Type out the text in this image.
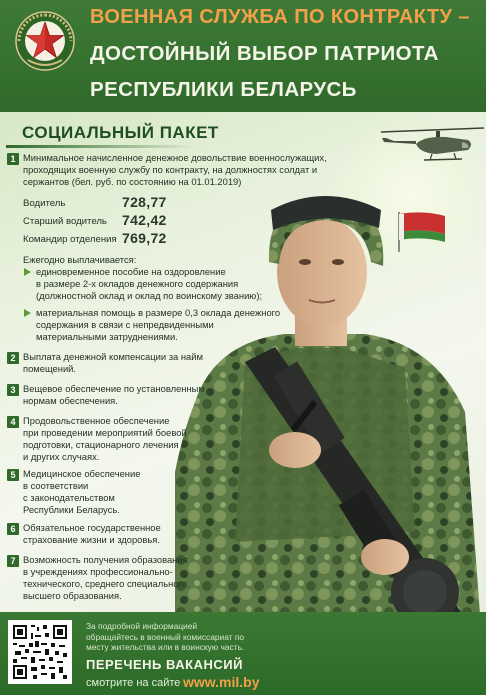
ВОЕННАЯ СЛУЖБА ПО КОНТРАКТУ –
ДОСТОЙНЫЙ ВЫБОР ПАТРИОТА
РЕСПУБЛИКИ БЕЛАРУСЬ
СОЦИАЛЬНЫЙ ПАКЕТ
1 Минимальное начисленное денежное довольствие военнослужащих,
проходящих военную службу по контракту, на должностях солдат и
сержантов (бел. руб. по состоянию на 01.01.2019)
Водитель	728,77
Старший водитель 742,42
Командир отделения 769,72
Ежегодно выплачивается:
единовременное пособие на оздоровление
в размере 2-х окладов денежного содержания
(должностной оклад и оклад по воинскому званию);
материальная помощь в размере 0,3 оклада денежного
содержания в связи с непредвиденными
материальными затруднениями.
2 Выплата денежной компенсации за найм
помещений.
3 Вещевое обеспечение по установленным
нормам обеспечения.
4 Продовольственное обеспечение
при проведении мероприятий боевой
подготовки, стационарного лечения
и других случаях.
5 Медицинское обеспечение
в соответствии
с законодательством
Республики Беларусь.
6 Обязательное государственное
страхование жизни и здоровья.
7 Возможность получения образования
в учреждениях профессионально-
технического, среднего специального,
высшего образования.
За подробной информацией
обращайтесь в военный комиссариат по
месту жительства или в воинскую часть.
ПЕРЕЧЕНЬ ВАКАНСИЙ
смотрите на сайте www.mil.by
